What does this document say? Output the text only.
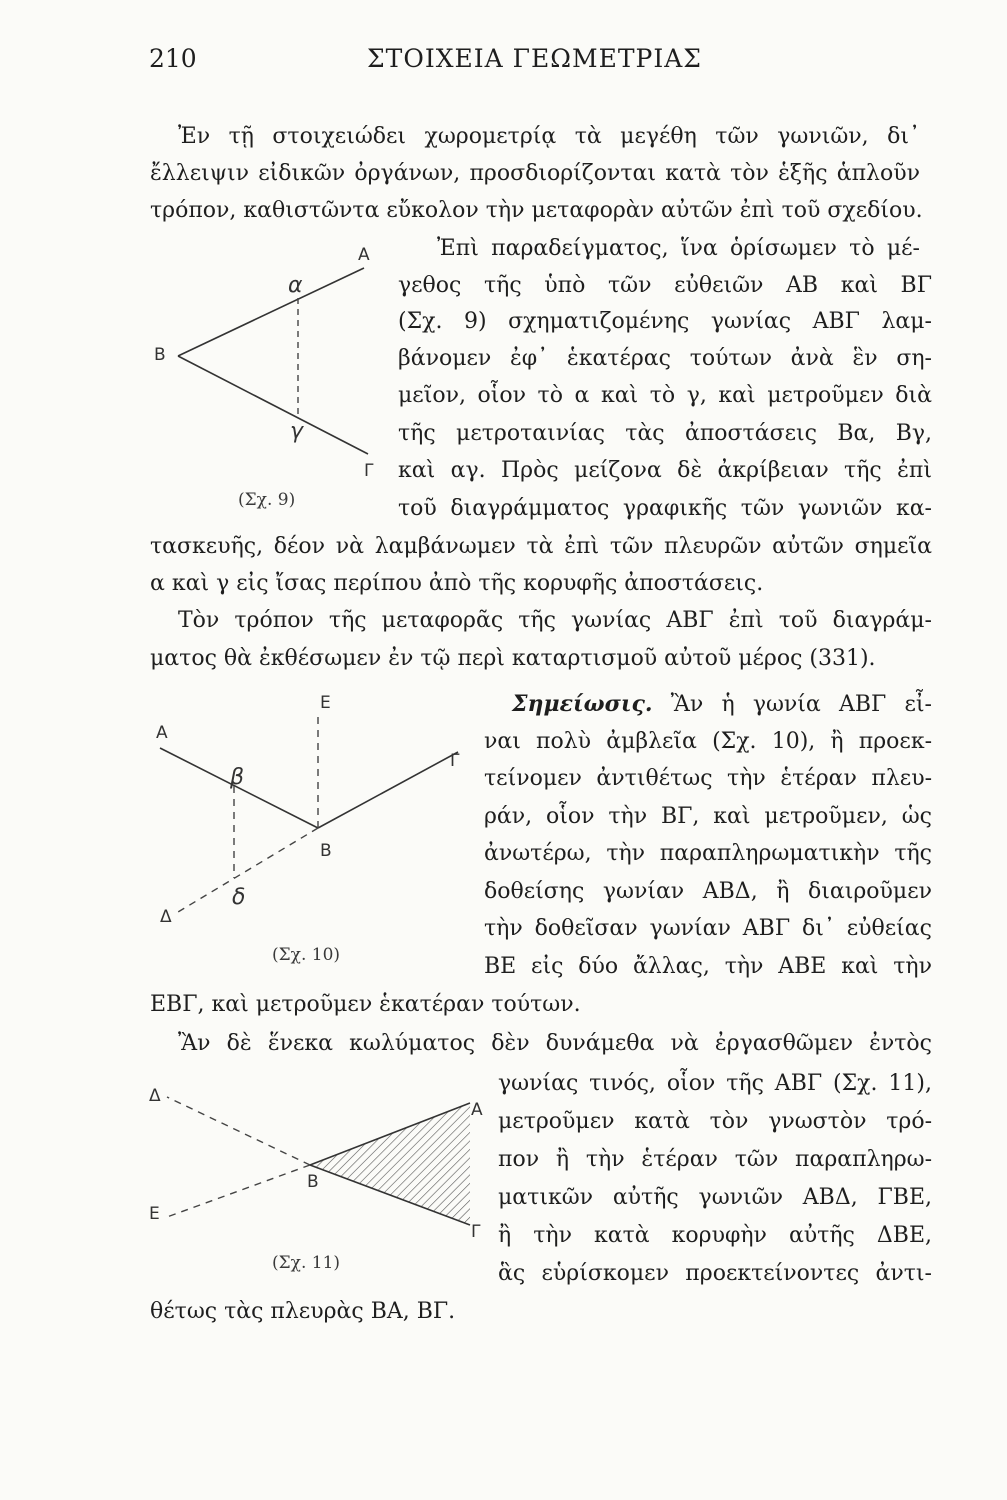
210	ΣΤΟΙΧΕΙΑ ΓΕΩΜΕΤΡΙΑΣ
Ἐν τῇ στοιχειώδει χωρομετρίᾳ τὰ μεγέθη τῶν γωνιῶν, δι᾽
ἔλλειψιν εἰδικῶν ὀργάνων, προσδιορίζονται κατὰ τὸν ἑξῆς ἁπλοῦν
τρόπον, καθιστῶντα εὔκολον τὴν μεταφορὰν αὐτῶν ἐπὶ τοῦ σχεδίου.
A
B
Γ
α
γ
(Σχ. 9)
Ἐπὶ παραδείγματος, ἵνα ὁρίσωμεν τὸ μέ-
γεθος τῆς ὑπὸ τῶν εὐθειῶν ΑΒ καὶ ΒΓ
(Σχ. 9) σχηματιζομένης γωνίας ΑΒΓ λαμ-
βάνομεν ἐφ᾽ ἑκατέρας τούτων ἀνὰ ἓν ση-
μεῖον, οἷον τὸ α καὶ τὸ γ, καὶ μετροῦμεν διὰ
τῆς μετροταινίας τὰς ἀποστάσεις Βα, Βγ,
καὶ αγ. Πρὸς μείζονα δὲ ἀκρίβειαν τῆς ἐπὶ
τοῦ διαγράμματος γραφικῆς τῶν γωνιῶν κα-
τασκευῆς, δέον νὰ λαμβάνωμεν τὰ ἐπὶ τῶν πλευρῶν αὐτῶν σημεῖα
α καὶ γ εἰς ἴσας περίπου ἀπὸ τῆς κορυφῆς ἀποστάσεις.
Τὸν τρόπον τῆς μεταφορᾶς τῆς γωνίας ΑΒΓ ἐπὶ τοῦ διαγράμ-
ματος θὰ ἐκθέσωμεν ἐν τῷ περὶ καταρτισμοῦ αὐτοῦ μέρος (331).
A
B
Γ
Δ
E
β
δ
(Σχ. 10)
Σημείωσις. Ἂν ἡ γωνία ΑΒΓ εἶ-
ναι πολὺ ἀμβλεῖα (Σχ. 10), ἢ προεκ-
τείνομεν ἀντιθέτως τὴν ἑτέραν πλευ-
ράν, οἷον τὴν ΒΓ, καὶ μετροῦμεν, ὡς
ἀνωτέρω, τὴν παραπληρωματικὴν τῆς
δοθείσης γωνίαν ΑΒΔ, ἢ διαιροῦμεν
τὴν δοθεῖσαν γωνίαν ΑΒΓ δι᾽ εὐθείας
ΒΕ εἰς δύο ἄλλας, τὴν ΑΒΕ καὶ τὴν
ΕΒΓ, καὶ μετροῦμεν ἑκατέραν τούτων.
Ἂν δὲ ἕνεκα κωλύματος δὲν δυνάμεθα νὰ ἐργασθῶμεν ἐντὸς
γωνίας τινός, οἷον τῆς ΑΒΓ (Σχ. 11),
μετροῦμεν κατὰ τὸν γνωστὸν τρό-
πον ἢ τὴν ἑτέραν τῶν παραπληρω-
ματικῶν αὐτῆς γωνιῶν ΑΒΔ, ΓΒΕ,
ἢ τὴν κατὰ κορυφὴν αὐτῆς ΔΒΕ,
ἃς εὑρίσκομεν προεκτείνοντες ἀντι-
θέτως τὰς πλευρὰς ΒΑ, ΒΓ.
A
B
Γ
Δ
E
(Σχ. 11)
